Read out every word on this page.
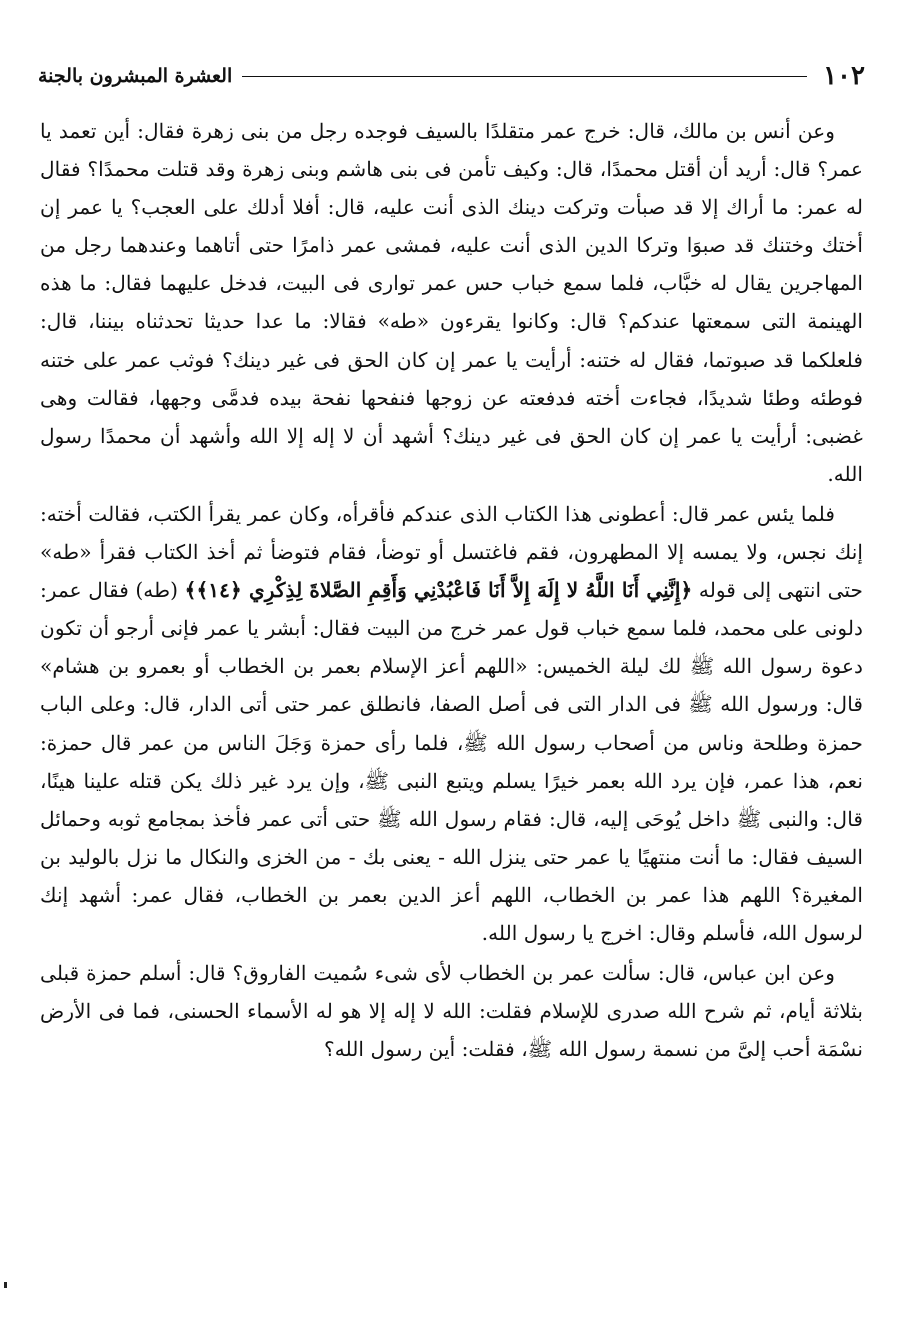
١٠٢
العشرة المبشرون بالجنة

وعن أنس بن مالك، قال: خرج عمر متقلدًا بالسيف فوجده رجل من بنى زهرة فقال: أين تعمد يا عمر؟ قال: أريد أن أقتل محمدًا، قال: وكيف تأمن فى بنى هاشم وبنى زهرة وقد قتلت محمدًا؟ فقال له عمر: ما أراك إلا قد صبأت وتركت دينك الذى أنت عليه، قال: أفلا أدلك على العجب؟ يا عمر إن أختك وختنك قد صبوَا وتركا الدين الذى أنت عليه، فمشى عمر ذامرًا حتى أتاهما وعندهما رجل من المهاجرين يقال له خبَّاب، فلما سمع خباب حس عمر توارى فى البيت، فدخل عليهما فقال: ما هذه الهينمة التى سمعتها عندكم؟ قال: وكانوا يقرءون «طه» فقالا: ما عدا حديثا تحدثناه بيننا، قال: فلعلكما قد صبوتما، فقال له ختنه: أرأيت يا عمر إن كان الحق فى غير دينك؟ فوثب عمر على ختنه فوطئه وطئا شديدًا، فجاءت أخته فدفعته عن زوجها فنفحها نفحة بيده فدمَّى وجهها، فقالت وهى غضبى: أرأيت يا عمر إن كان الحق فى غير دينك؟ أشهد أن لا إله إلا الله وأشهد أن محمدًا رسول الله.

فلما يئس عمر قال: أعطونى هذا الكتاب الذى عندكم فأقرأه، وكان عمر يقرأ الكتب، فقالت أخته: إنك نجس، ولا يمسه إلا المطهرون، فقم فاغتسل أو توضأ، فقام فتوضأ ثم أخذ الكتاب فقرأ «طه» حتى انتهى إلى قوله ﴿إِنَّنِي أَنَا اللَّهُ لا إِلَهَ إِلاَّ أَنَا فَاعْبُدْنِي وَأَقِمِ الصَّلاةَ لِذِكْرِي ﴿١٤﴾﴾ (طه) فقال عمر: دلونى على محمد، فلما سمع خباب قول عمر خرج من البيت فقال: أبشر يا عمر فإنى أرجو أن تكون دعوة رسول الله ﷺ لك ليلة الخميس: «اللهم أعز الإسلام بعمر بن الخطاب أو بعمرو بن هشام» قال: ورسول الله ﷺ فى الدار التى فى أصل الصفا، فانطلق عمر حتى أتى الدار، قال: وعلى الباب حمزة وطلحة وناس من أصحاب رسول الله ﷺ، فلما رأى حمزة وَجَلَ الناس من عمر قال حمزة: نعم، هذا عمر، فإن يرد الله بعمر خيرًا يسلم ويتبع النبى ﷺ، وإن يرد غير ذلك يكن قتله علينا هينًا، قال: والنبى ﷺ داخل يُوحَى إليه، قال: فقام رسول الله ﷺ حتى أتى عمر فأخذ بمجامع ثوبه وحمائل السيف فقال: ما أنت منتهيًا يا عمر حتى ينزل الله - يعنى بك - من الخزى والنكال ما نزل بالوليد بن المغيرة؟ اللهم هذا عمر بن الخطاب، اللهم أعز الدين بعمر بن الخطاب، فقال عمر: أشهد إنك لرسول الله، فأسلم وقال: اخرج يا رسول الله.

وعن ابن عباس، قال: سألت عمر بن الخطاب لأى شىء سُميت الفاروق؟ قال: أسلم حمزة قبلى بثلاثة أيام، ثم شرح الله صدرى للإسلام فقلت: الله لا إله إلا هو له الأسماء الحسنى، فما فى الأرض نسْمَة أحب إلىَّ من نسمة رسول الله ﷺ، فقلت: أين رسول الله؟
